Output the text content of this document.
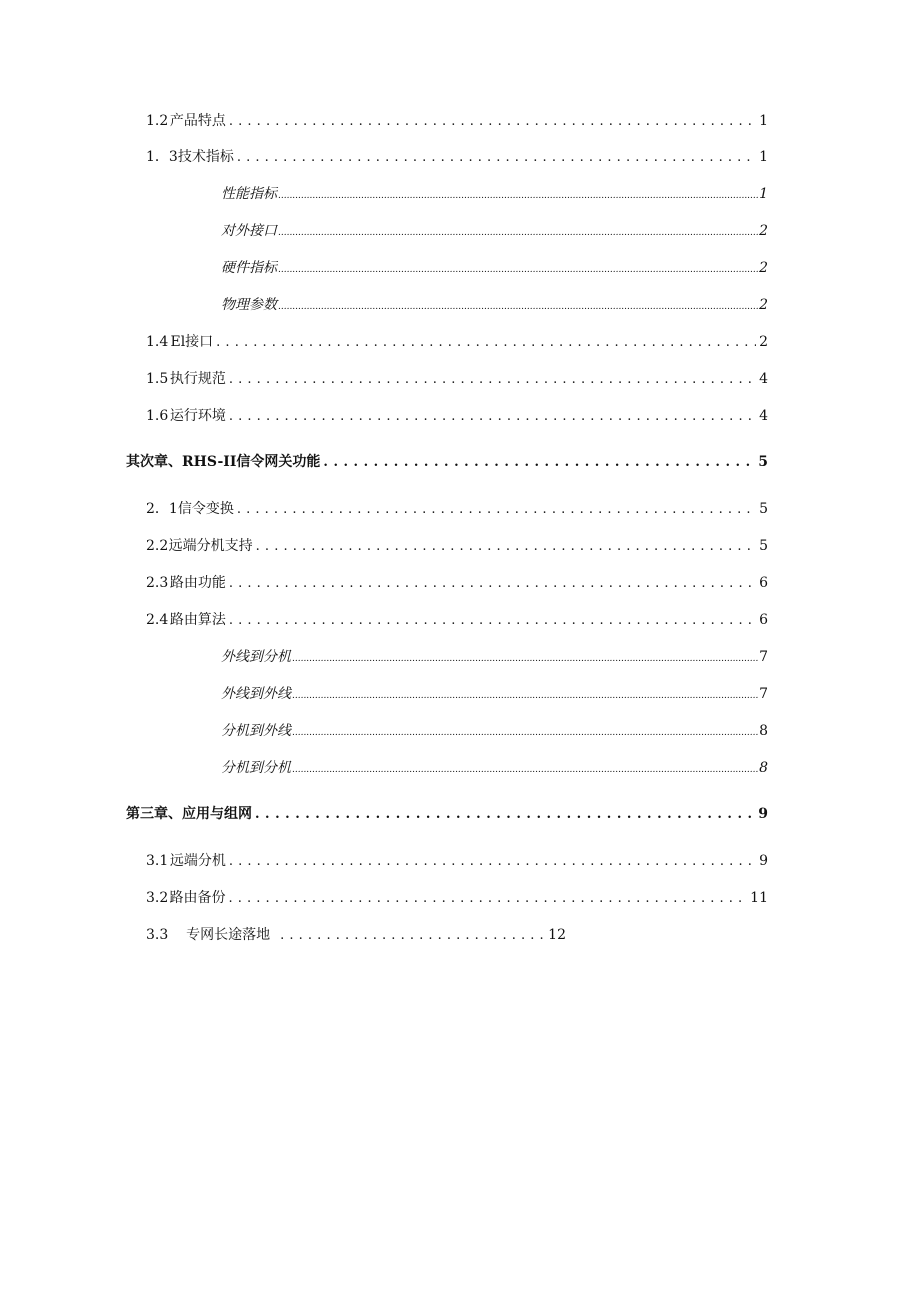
1.2 产品特点 . . .	1
1．3 技术指标 . . .	1
性能指标 .....	1
对外接口 .....	2
硬件指标 .....	2
物理参数 .....	2
1.4 El接口 . . .	2
1.5 执行规范 . . .	4
1.6 运行环境 . . .	4
其次章、 RHS-II信令网关功能 . . .	5
2．1 信令变换 . . .	5
2.2 远端分机支持 . . .	5
2.3 路由功能 . . .	6
2.4 路由算法 . . .	6
外线到分机 .....	7
外线到外线 .....	7
分机到外线 .....	8
分机到分机 .....	8
第三章、 应用与组网 . . .	9
3.1 远端分机 . . .	9
3.2 路由备份 . . .	11
3.3	专网长途落地 . . .	12
